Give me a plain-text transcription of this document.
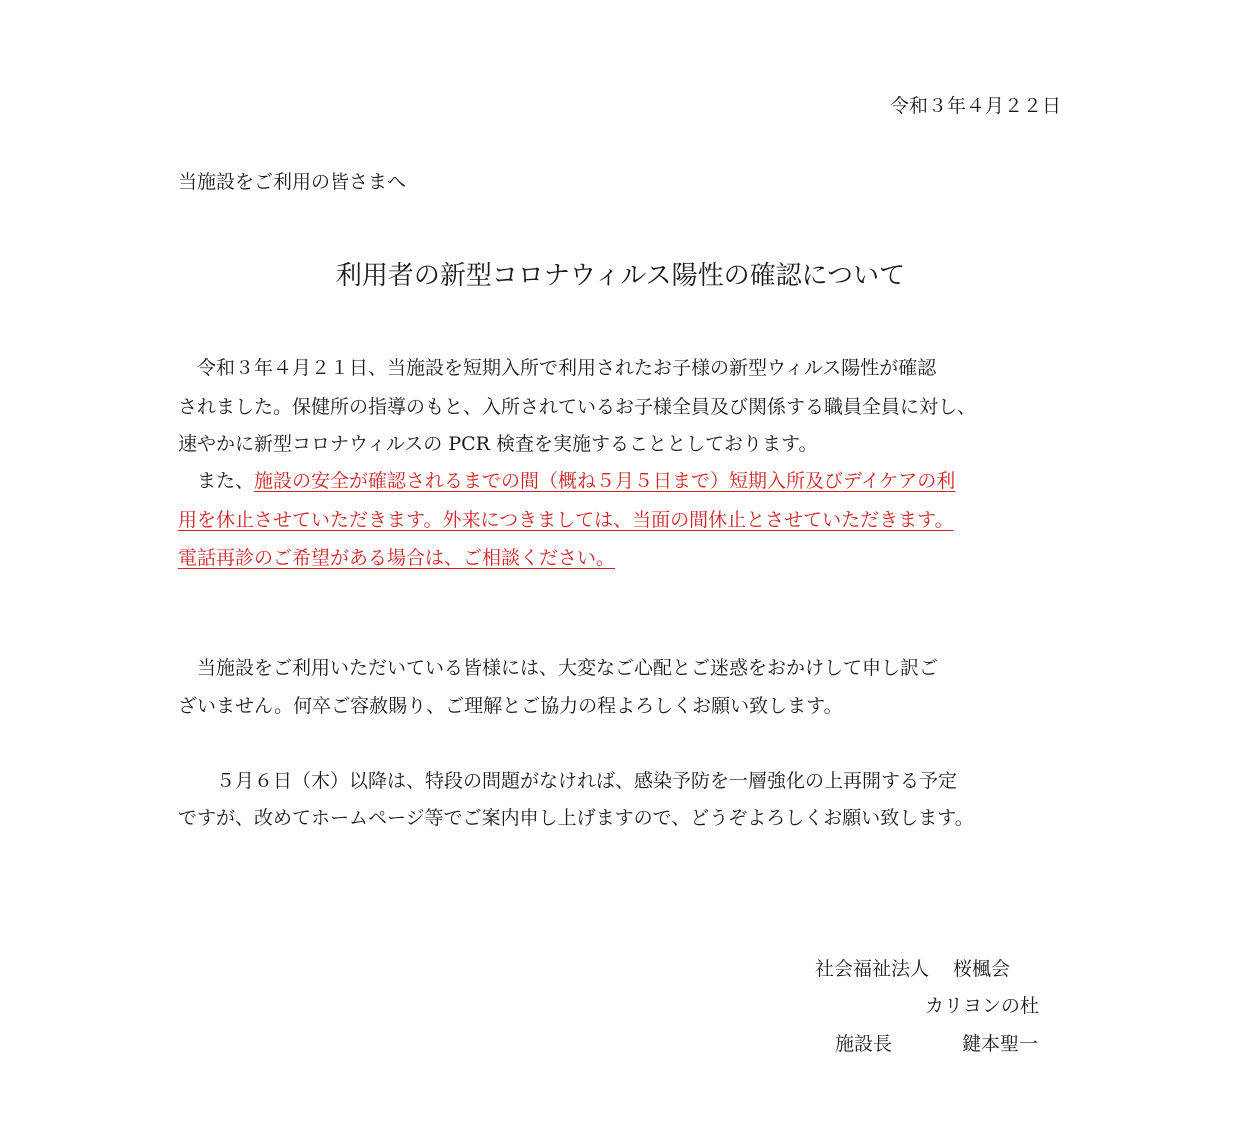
令和３年４月２２日
当施設をご利用の皆さまへ
利用者の新型コロナウィルス陽性の確認について
　令和３年４月２１日、当施設を短期入所で利用されたお子様の新型ウィルス陽性が確認
されました。保健所の指導のもと、入所されているお子様全員及び関係する職員全員に対し、
速やかに新型コロナウィルスの PCR 検査を実施することとしております。
　また、施設の安全が確認されるまでの間（概ね５月５日まで）短期入所及びデイケアの利
用を休止させていただきます。外来につきましては、当面の間休止とさせていただきます。
電話再診のご希望がある場合は、ご相談ください。
　当施設をご利用いただいている皆様には、大変なご心配とご迷惑をおかけして申し訳ご
ざいません。何卒ご容赦賜り、ご理解とご協力の程よろしくお願い致します。
　　５月６日（木）以降は、特段の問題がなければ、感染予防を一層強化の上再開する予定
ですが、改めてホームページ等でご案内申し上げますので、どうぞよろしくお願い致します。
社会福祉法人 桜楓会
カリヨンの杜
施設長	鍵本聖一
